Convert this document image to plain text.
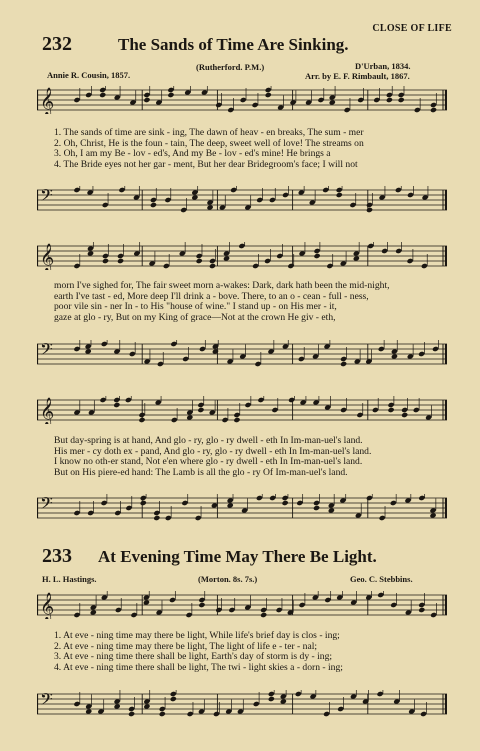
CLOSE OF LIFE
232	The Sands of Time Are Sinking.
Annie R. Cousin, 1857.
(Rutherford. P.M.)	D'Urban, 1834.
Arr. by E. F. Rimbault, 1867.
𝄞
1. The sands of time are sink - ing, The dawn of heav - en breaks, The sum - mer
2. Oh, Christ, He is the foun - tain, The deep, sweet well of love! The streams on
3. Oh, I am my Be - lov - ed's, And my Be - lov - ed's mine! He brings a
4. The Bride eyes not her gar - ment, But her dear Bridegroom's face; I will not
𝄢
𝄞
morn I've sighed for, The fair sweet morn a-wakes: Dark, dark hath been the mid-night,
earth I've tast - ed, More deep I'll drink a - bove. There, to an o - cean - full - ness,
poor vile sin - ner In - to His "house of wine." I stand up - on His mer - it,
gaze at glo - ry, But on my King of grace—Not at the crown He giv - eth,
𝄢
𝄞
But day-spring is at hand, And glo - ry, glo - ry dwell - eth In Im-man-uel's land.
His mer - cy doth ex - pand, And glo - ry, glo - ry dwell - eth In Im-man-uel's land.
I know no oth-er stand, Not e'en where glo - ry dwell - eth In Im-man-uel's land.
But on His piere-ed hand: The Lamb is all the glo - ry Of Im-man-uel's land.
𝄢
233 At Evening Time May There Be Light.
H. L. Hastings.	(Morton. 8s. 7s.)	Geo. C. Stebbins.
𝄞
1. At eve - ning time may there be light, While life's brief day is clos - ing;
2. At eve - ning time may there be light, The light of life e - ter - nal;
3. At eve - ning time there shall be light, Earth's day of storm is dy - ing;
4. At eve - ning time there shall be light, The twi - light skies a - dorn - ing;
𝄢
